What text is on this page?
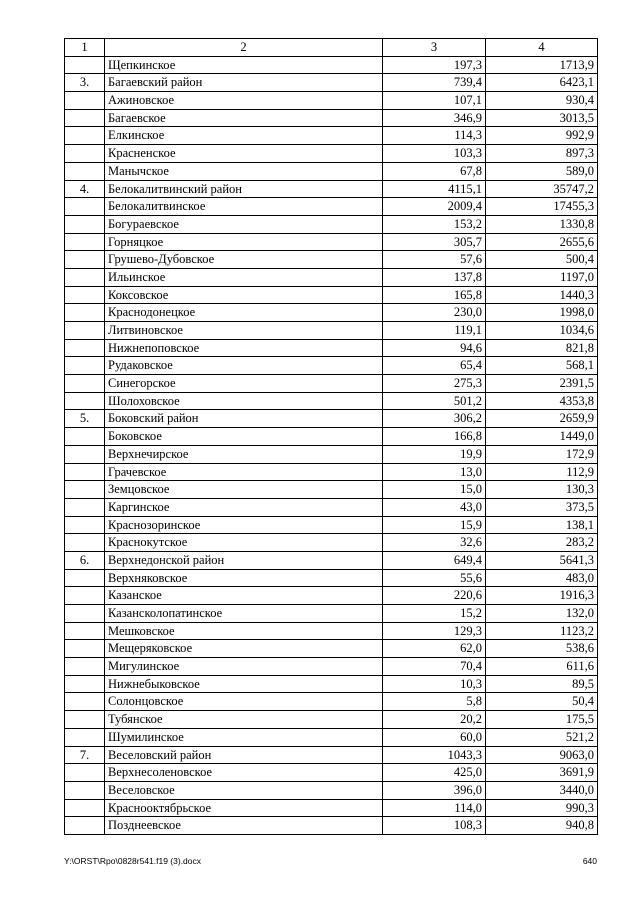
1	2	3	4
	Щепкинское	197,3	1713,9
3.	Багаевский район	739,4	6423,1
	Ажиновское	107,1	930,4
	Багаевское	346,9	3013,5
	Елкинское	114,3	992,9
	Красненское	103,3	897,3
	Манычское	67,8	589,0
4.	Белокалитвинский район	4115,1	35747,2
	Белокалитвинское	2009,4	17455,3
	Богураевское	153,2	1330,8
	Горняцкое	305,7	2655,6
	Грушево-Дубовское	57,6	500,4
	Ильинское	137,8	1197,0
	Коксовское	165,8	1440,3
	Краснодонецкое	230,0	1998,0
	Литвиновское	119,1	1034,6
	Нижнепоповское	94,6	821,8
	Рудаковское	65,4	568,1
	Синегорское	275,3	2391,5
	Шолоховское	501,2	4353,8
5.	Боковский район	306,2	2659,9
	Боковское	166,8	1449,0
	Верхнечирское	19,9	172,9
	Грачевское	13,0	112,9
	Земцовское	15,0	130,3
	Каргинское	43,0	373,5
	Краснозоринское	15,9	138,1
	Краснокутское	32,6	283,2
6.	Верхнедонской район	649,4	5641,3
	Верхняковское	55,6	483,0
	Казанское	220,6	1916,3
	Казансколопатинское	15,2	132,0
	Мешковское	129,3	1123,2
	Мещеряковское	62,0	538,6
	Мигулинское	70,4	611,6
	Нижнебыковское	10,3	89,5
	Солонцовское	5,8	50,4
	Тубянское	20,2	175,5
	Шумилинское	60,0	521,2
7.	Веселовский район	1043,3	9063,0
	Верхнесоленовское	425,0	3691,9
	Веселовское	396,0	3440,0
	Краснооктябрьское	114,0	990,3
	Позднеевское	108,3	940,8
Y:\ORST\Rpo\0828r541.f19 (3).docx	640
